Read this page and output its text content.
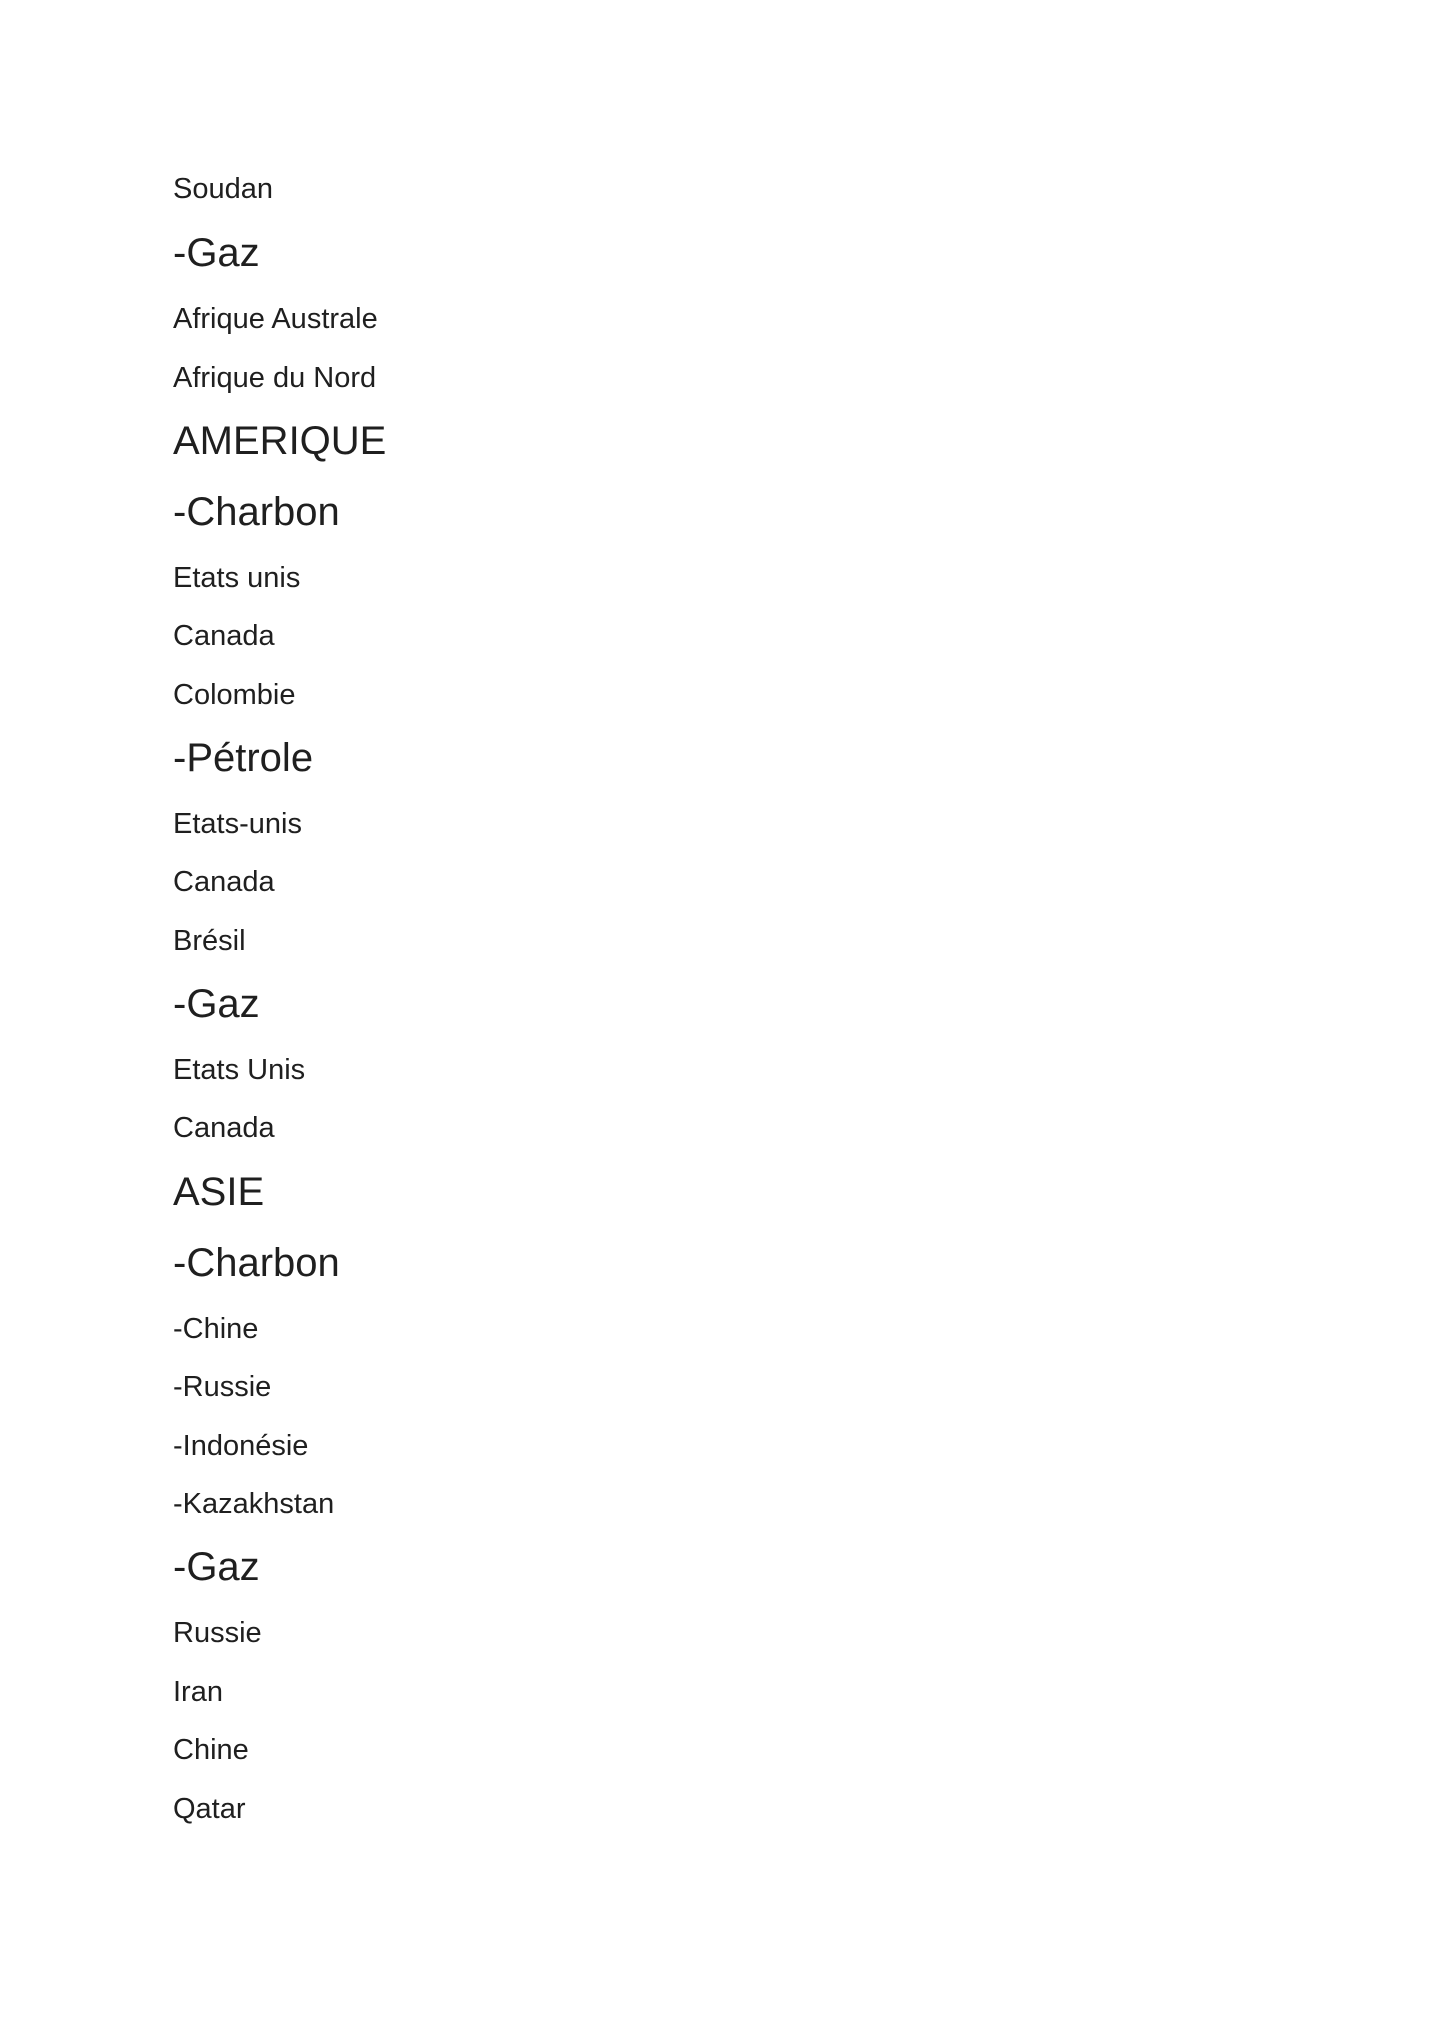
Soudan
-Gaz
Afrique Australe
Afrique du Nord
AMERIQUE
-Charbon
Etats unis
Canada
Colombie
-Pétrole
Etats-unis
Canada
Brésil
-Gaz
Etats Unis
Canada
ASIE
-Charbon
-Chine
-Russie
-Indonésie
-Kazakhstan
-Gaz
Russie
Iran
Chine
Qatar
